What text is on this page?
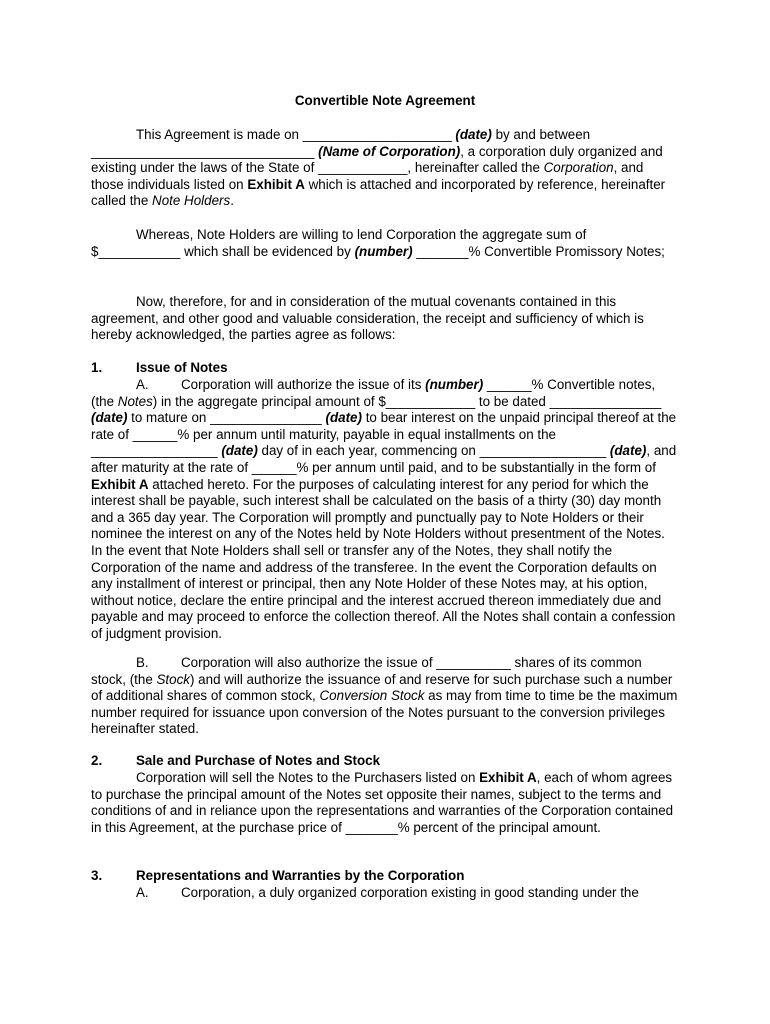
Convertible Note Agreement

This Agreement is made on ____________________ (date) by and between ______________________________ (Name of Corporation), a corporation duly organized and existing under the laws of the State of ____________, hereinafter called the Corporation, and those individuals listed on Exhibit A which is attached and incorporated by reference, hereinafter called the Note Holders.

Whereas, Note Holders are willing to lend Corporation the aggregate sum of $___________ which shall be evidenced by (number) _______% Convertible Promissory Notes;

Now, therefore, for and in consideration of the mutual covenants contained in this agreement, and other good and valuable consideration, the receipt and sufficiency of which is hereby acknowledged, the parties agree as follows:

1.	Issue of Notes

A. Corporation will authorize the issue of its (number) ______% Convertible notes, (the Notes) in the aggregate principal amount of $____________ to be dated _______________ (date) to mature on _______________ (date) to bear interest on the unpaid principal thereof at the rate of ______% per annum until maturity, payable in equal installments on the _________________ (date) day of in each year, commencing on _________________ (date), and after maturity at the rate of ______% per annum until paid, and to be substantially in the form of Exhibit A attached hereto. For the purposes of calculating interest for any period for which the interest shall be payable, such interest shall be calculated on the basis of a thirty (30) day month and a 365 day year. The Corporation will promptly and punctually pay to Note Holders or their nominee the interest on any of the Notes held by Note Holders without presentment of the Notes. In the event that Note Holders shall sell or transfer any of the Notes, they shall notify the Corporation of the name and address of the transferee. In the event the Corporation defaults on any installment of interest or principal, then any Note Holder of these Notes may, at his option, without notice, declare the entire principal and the interest accrued thereon immediately due and payable and may proceed to enforce the collection thereof. All the Notes shall contain a confession of judgment provision.

B. Corporation will also authorize the issue of __________ shares of its common stock, (the Stock) and will authorize the issuance of and reserve for such purchase such a number of additional shares of common stock, Conversion Stock as may from time to time be the maximum number required for issuance upon conversion of the Notes pursuant to the conversion privileges hereinafter stated.

2.	Sale and Purchase of Notes and Stock

Corporation will sell the Notes to the Purchasers listed on Exhibit A, each of whom agrees to purchase the principal amount of the Notes set opposite their names, subject to the terms and conditions of and in reliance upon the representations and warranties of the Corporation contained in this Agreement, at the purchase price of _______% percent of the principal amount.

3.	Representations and Warranties by the Corporation

A. Corporation, a duly organized corporation existing in good standing under the
